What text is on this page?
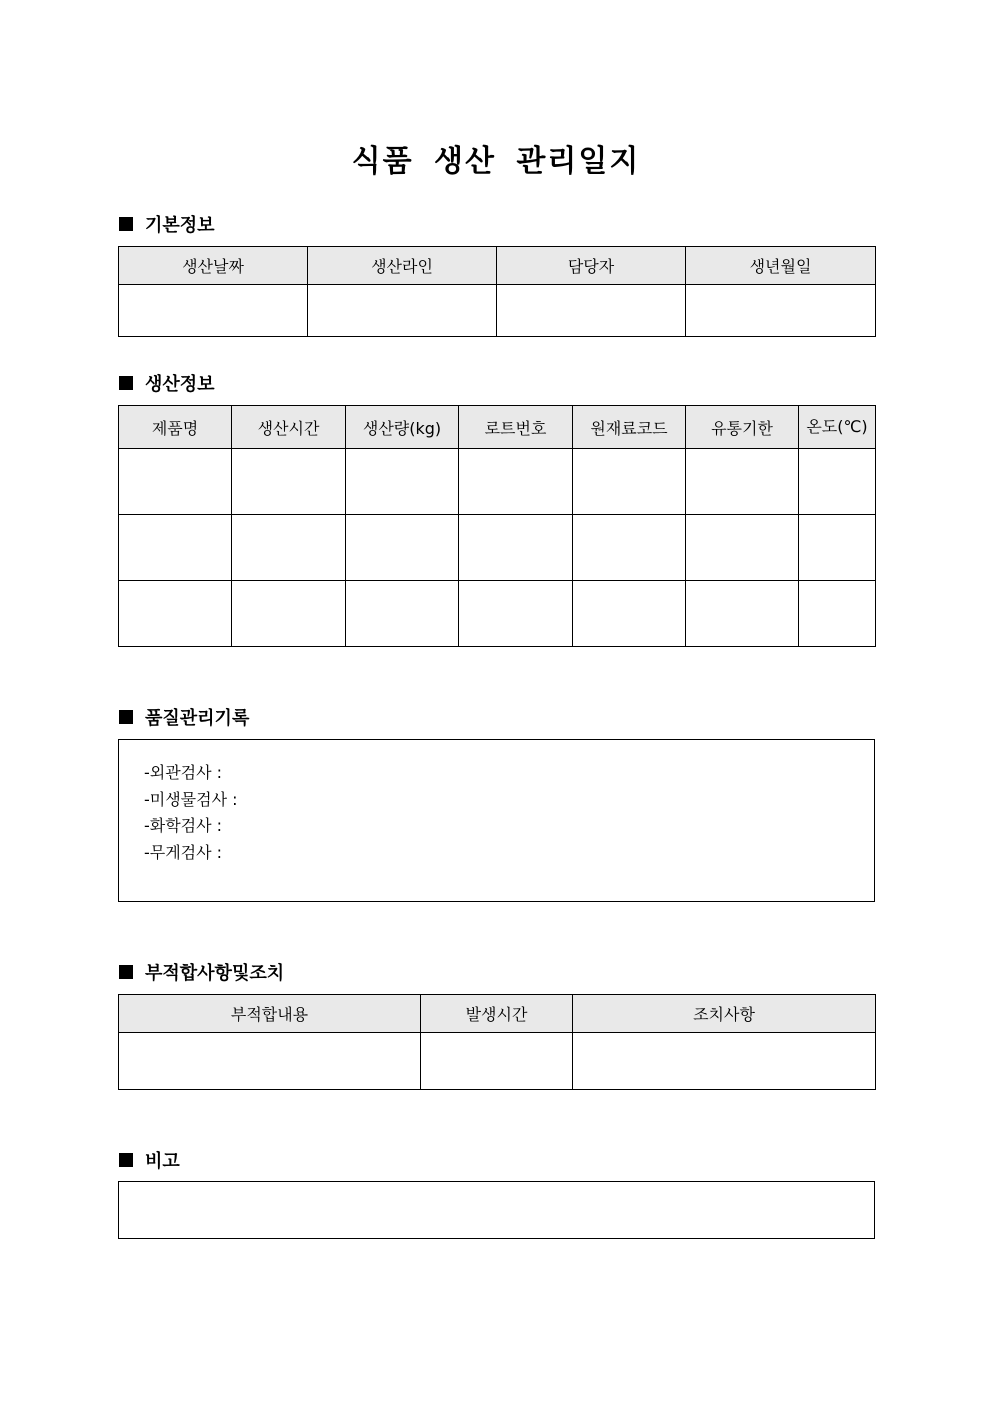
식품 생산 관리일지
기본정보
생산날짜	생산라인	담당자	생년월일

생산정보
제품명	생산시간	생산량(kg)	로트번호	원재료코드	유통기한	온도(℃)

품질관리기록
-외관검사 :
-미생물검사 :
-화학검사 :
-무게검사 :
부적합사항및조치
부적합내용	발생시간	조치사항

비고
